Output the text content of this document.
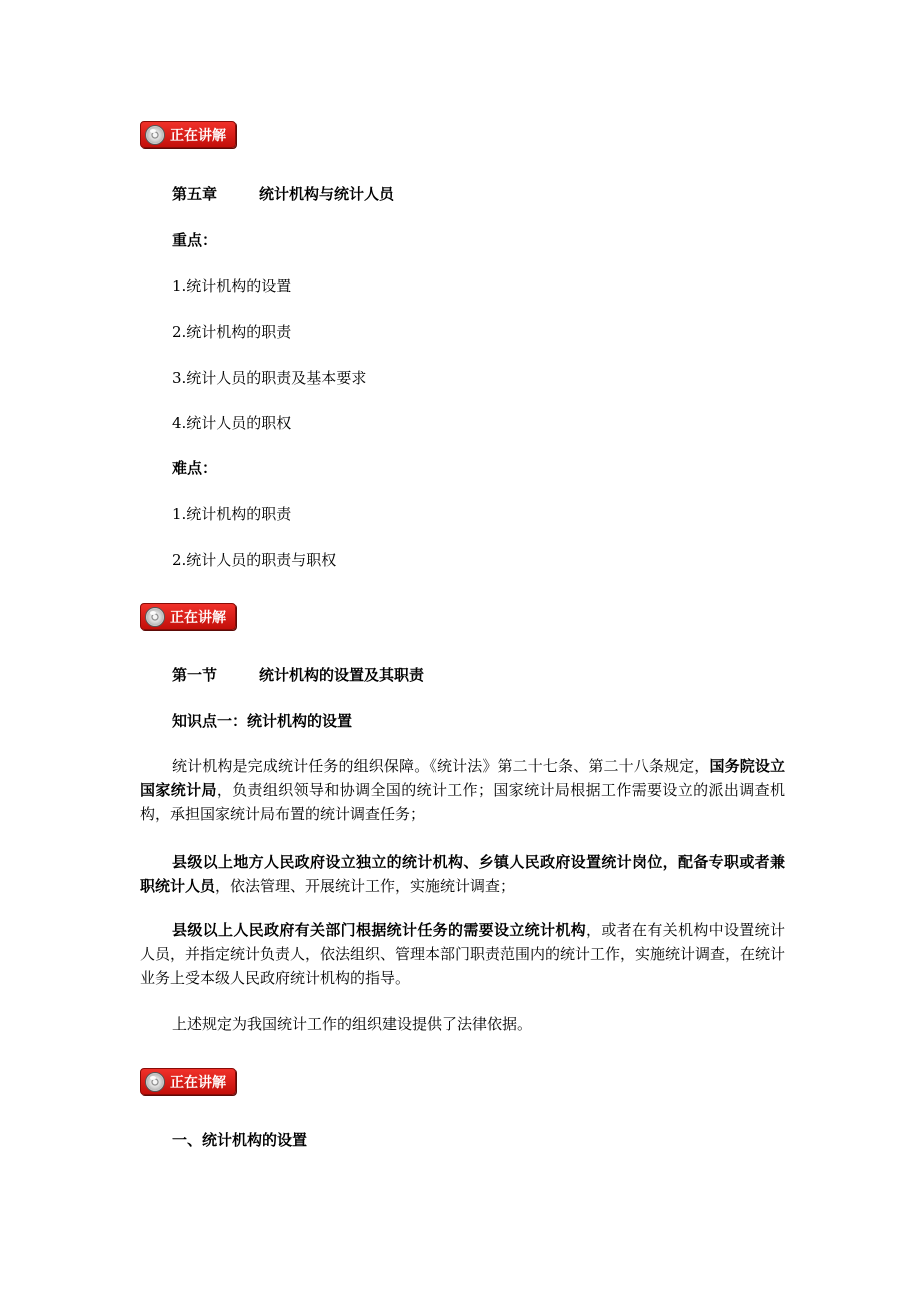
正在讲解
第五章	统计机构与统计人员
重点：
1.统计机构的设置
2.统计机构的职责
3.统计人员的职责及基本要求
4.统计人员的职权
难点：
1.统计机构的职责
2.统计人员的职责与职权
正在讲解
第一节	统计机构的设置及其职责
知识点一：统计机构的设置
统计机构是完成统计任务的组织保障。《统计法》第二十七条、第二十八条规定，国务院设立国家统计局，负责组织领导和协调全国的统计工作；国家统计局根据工作需要设立的派出调查机构，承担国家统计局布置的统计调查任务；
县级以上地方人民政府设立独立的统计机构、乡镇人民政府设置统计岗位，配备专职或者兼职统计人员，依法管理、开展统计工作，实施统计调查；
县级以上人民政府有关部门根据统计任务的需要设立统计机构，或者在有关机构中设置统计人员，并指定统计负责人，依法组织、管理本部门职责范围内的统计工作，实施统计调查，在统计业务上受本级人民政府统计机构的指导。
上述规定为我国统计工作的组织建设提供了法律依据。
正在讲解
一、统计机构的设置
